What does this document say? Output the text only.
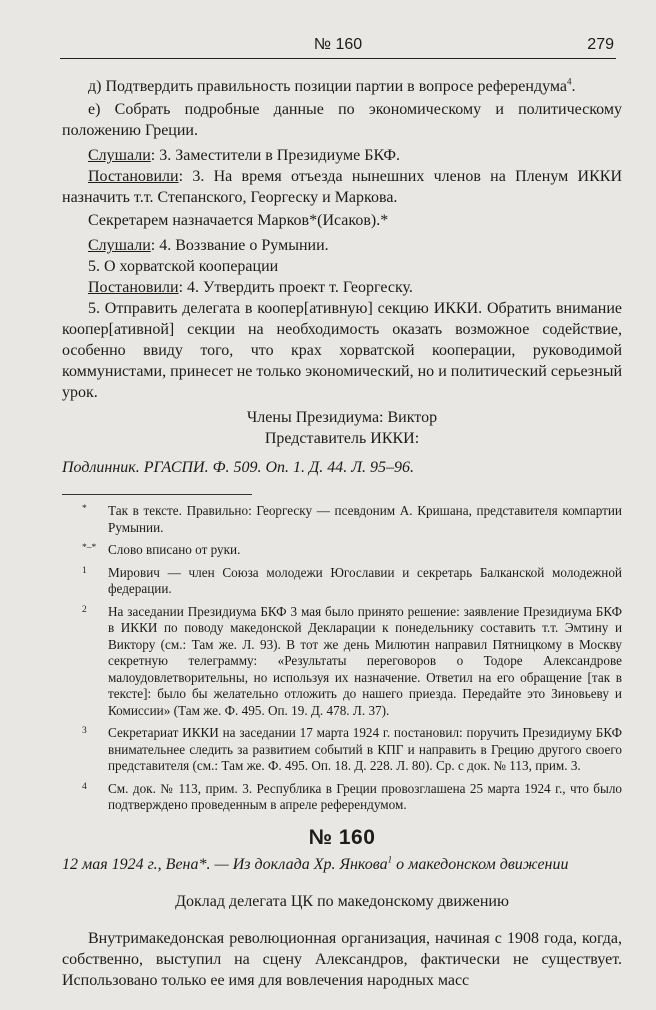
№ 160	279

д) Подтвердить правильность позиции партии в вопросе референдума$^4$.

е) Собрать подробные данные по экономическому и политическому положению Греции.

Слушали: 3. Заместители в Президиуме БКФ.

Постановили: 3. На время отъезда нынешних членов на Пленум ИККИ назначить т.т. Степанского, Георгеску и Маркова.

Секретарем назначается Марков*(Исаков).*

Слушали: 4. Воззвание о Румынии.

5. О хорватской кооперации

Постановили: 4. Утвердить проект т. Георгеску.

5. Отправить делегата в коопер[ативную] секцию ИККИ. Обратить внимание коопер[ативной] секции на необходимость оказать возможное содействие, особенно ввиду того, что крах хорватской кооперации, руководимой коммунистами, принесет не только экономический, но и политический серьезный урок.

Члены Президиума: Виктор

Представитель ИККИ:

Подлинник. РГАСПИ. Ф. 509. Оп. 1. Д. 44. Л. 95–96.

*	Так в тексте. Правильно: Георгеску — псевдоним А. Кришана, представителя компартии Румынии.
*–* Слово вписано от руки.
1	Мирович — член Союза молодежи Югославии и секретарь Балканской молодежной федерации.
2	На заседании Президиума БКФ 3 мая было принято решение: заявление Президиума БКФ в ИККИ по поводу македонской Декларации к понедельнику составить т.т. Эмтину и Виктору (см.: Там же. Л. 93). В тот же день Милютин направил Пятницкому в Москву секретную телеграмму: «Результаты переговоров о Тодоре Александрове малоудовлетворительны, но используя их назначение. Ответил на его обращение [так в тексте]: было бы желательно отложить до нашего приезда. Передайте это Зиновьеву и Комиссии» (Там же. Ф. 495. Оп. 19. Д. 478. Л. 37).
3	Секретариат ИККИ на заседании 17 марта 1924 г. постановил: поручить Президиуму БКФ внимательнее следить за развитием событий в КПГ и направить в Грецию другого своего представителя (см.: Там же. Ф. 495. Оп. 18. Д. 228. Л. 80). Ср. с док. № 113, прим. 3.
4	См. док. № 113, прим. 3. Республика в Греции провозглашена 25 марта 1924 г., что было подтверждено проведенным в апреле референдумом.
№ 160

12 мая 1924 г., Вена*. — Из доклада Хр. Янкова$^1$ о македонском движении

Доклад делегата ЦК по македонскому движению

Внутримакедонская революционная организация, начиная с 1908 года, когда, собственно, выступил на сцену Александров, фактически не существует. Использовано только ее имя для вовлечения народных масс
